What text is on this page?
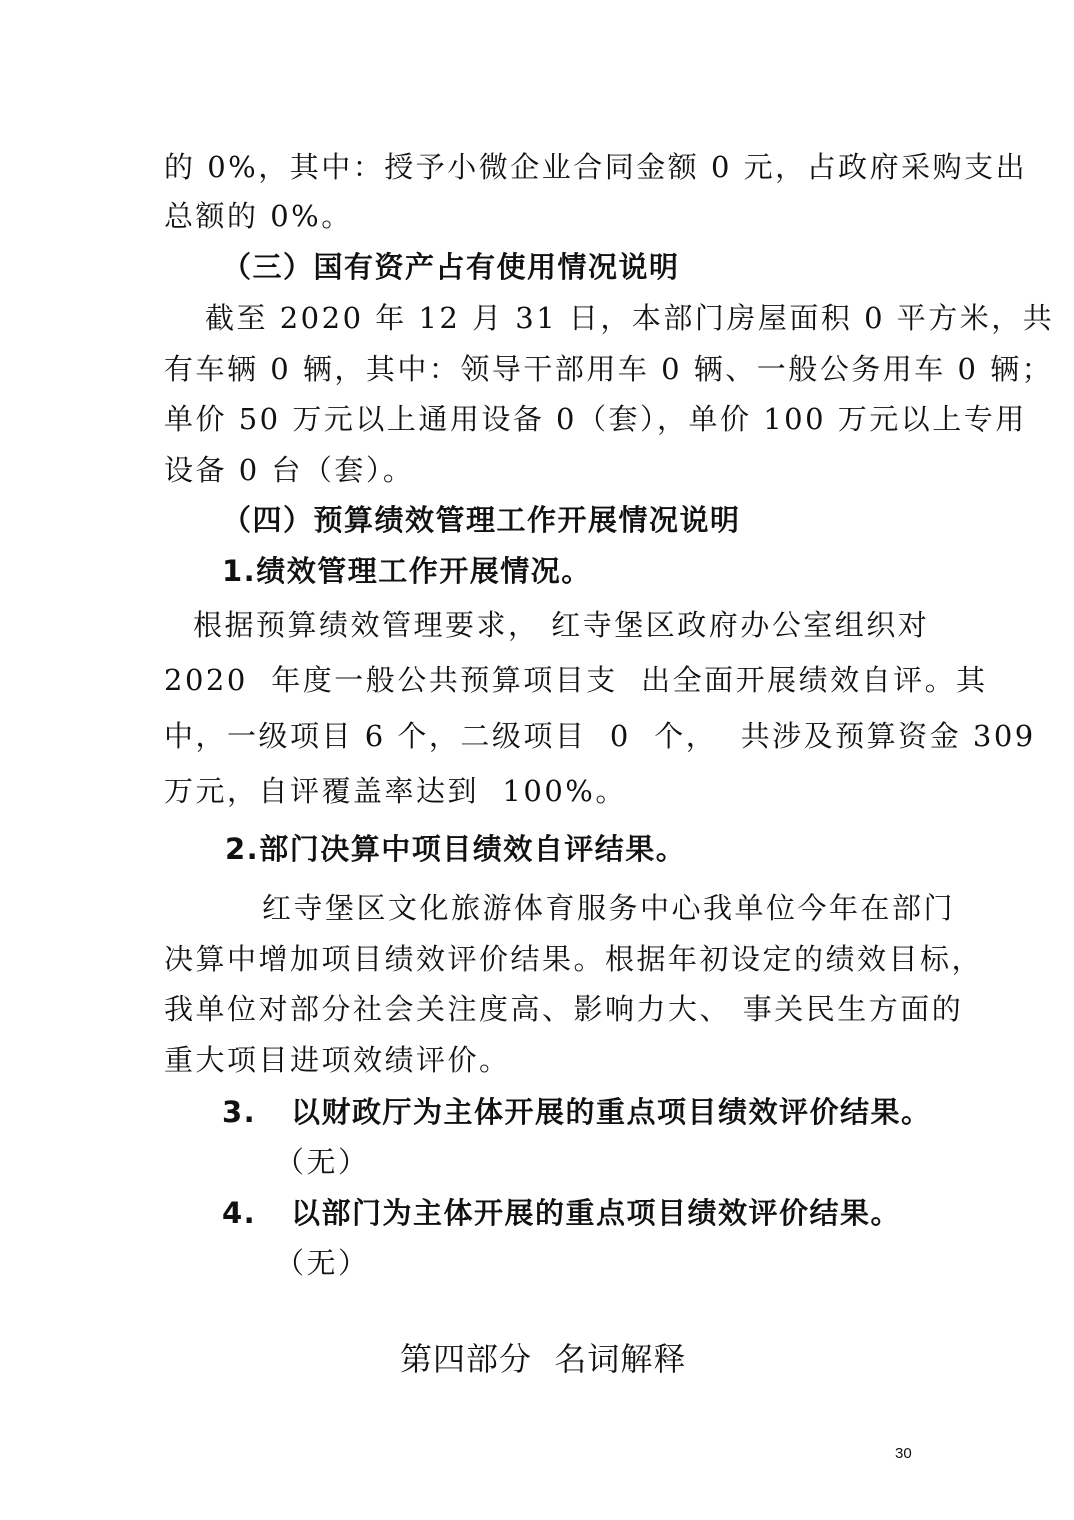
的 0%，其中：授予小微企业合同金额 0 元，占政府采购支出
总额的 0%。
（三）国有资产占有使用情况说明
截至 2020 年 12 月 31 日，本部门房屋面积 0 平方米，共
有车辆 0 辆，其中：领导干部用车 0 辆、一般公务用车 0 辆；
单价 50 万元以上通用设备 0（套），单价 100 万元以上专用
设备 0 台（套）。
（四）预算绩效管理工作开展情况说明
1.绩效管理工作开展情况。
根据预算绩效管理要求， 红寺堡区政府办公室组织对
2020  年度一般公共预算项目支  出全面开展绩效自评。其
中，一级项目 6 个，二级项目  0  个，  共涉及预算资金 309
万元，自评覆盖率达到  100%。
2.部门决算中项目绩效自评结果。
红寺堡区文化旅游体育服务中心我单位今年在部门
决算中增加项目绩效评价结果。根据年初设定的绩效目标，
我单位对部分社会关注度高、影响力大、 事关民生方面的
重大项目进项效绩评价。
3.   以财政厅为主体开展的重点项目绩效评价结果。
（无）
4.   以部门为主体开展的重点项目绩效评价结果。
（无）
第四部分  名词解释
30
